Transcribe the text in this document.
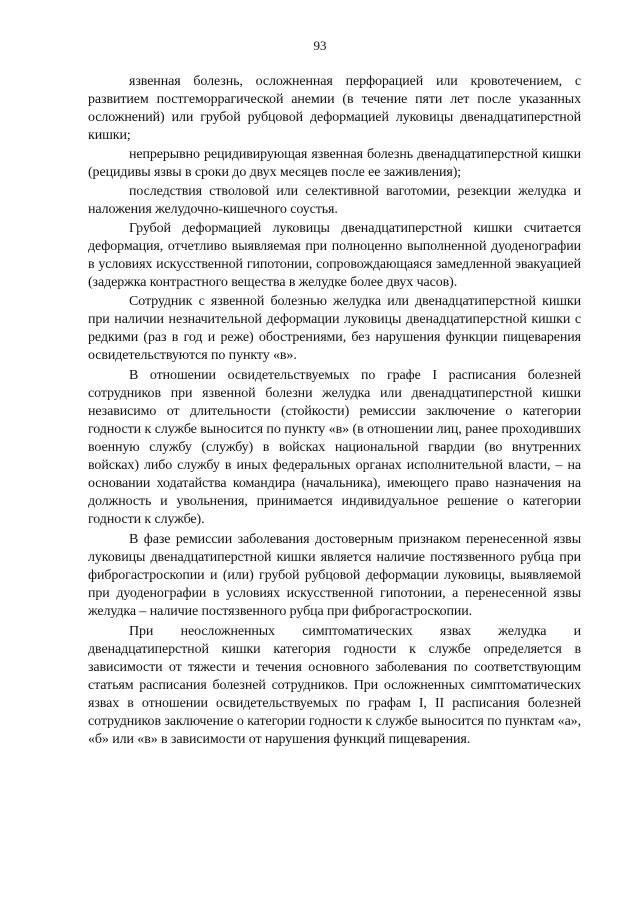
93

язвенная болезнь, осложненная перфорацией или кровотечением, с развитием постгеморрагической анемии (в течение пяти лет после указанных осложнений) или грубой рубцовой деформацией луковицы двенадцатиперстной кишки;

непрерывно рецидивирующая язвенная болезнь двенадцатиперстной кишки (рецидивы язвы в сроки до двух месяцев после ее заживления);

последствия стволовой или селективной ваготомии, резекции желудка и наложения желудочно-кишечного соустья.

Грубой деформацией луковицы двенадцатиперстной кишки считается деформация, отчетливо выявляемая при полноценно выполненной дуоденографии в условиях искусственной гипотонии, сопровождающаяся замедленной эвакуацией (задержка контрастного вещества в желудке более двух часов).

Сотрудник с язвенной болезнью желудка или двенадцатиперстной кишки при наличии незначительной деформации луковицы двенадцатиперстной кишки с редкими (раз в год и реже) обострениями, без нарушения функции пищеварения освидетельствуются по пункту «в».

В отношении освидетельствуемых по графе I расписания болезней сотрудников при язвенной болезни желудка или двенадцатиперстной кишки независимо от длительности (стойкости) ремиссии заключение о категории годности к службе выносится по пункту «в» (в отношении лиц, ранее проходивших военную службу (службу) в войсках национальной гвардии (во внутренних войсках) либо службу в иных федеральных органах исполнительной власти, – на основании ходатайства командира (начальника), имеющего право назначения на должность и увольнения, принимается индивидуальное решение о категории годности к службе).

В фазе ремиссии заболевания достоверным признаком перенесенной язвы луковицы двенадцатиперстной кишки является наличие постязвенного рубца при фиброгастроскопии и (или) грубой рубцовой деформации луковицы, выявляемой при дуоденографии в условиях искусственной гипотонии, а перенесенной язвы желудка – наличие постязвенного рубца при фиброгастроскопии.

При неосложненных симптоматических язвах желудка и двенадцатиперстной кишки категория годности к службе определяется в зависимости от тяжести и течения основного заболевания по соответствующим статьям расписания болезней сотрудников. При осложненных симптоматических язвах в отношении освидетельствуемых по графам I, II расписания болезней сотрудников заключение о категории годности к службе выносится по пунктам «а», «б» или «в» в зависимости от нарушения функций пищеварения.
